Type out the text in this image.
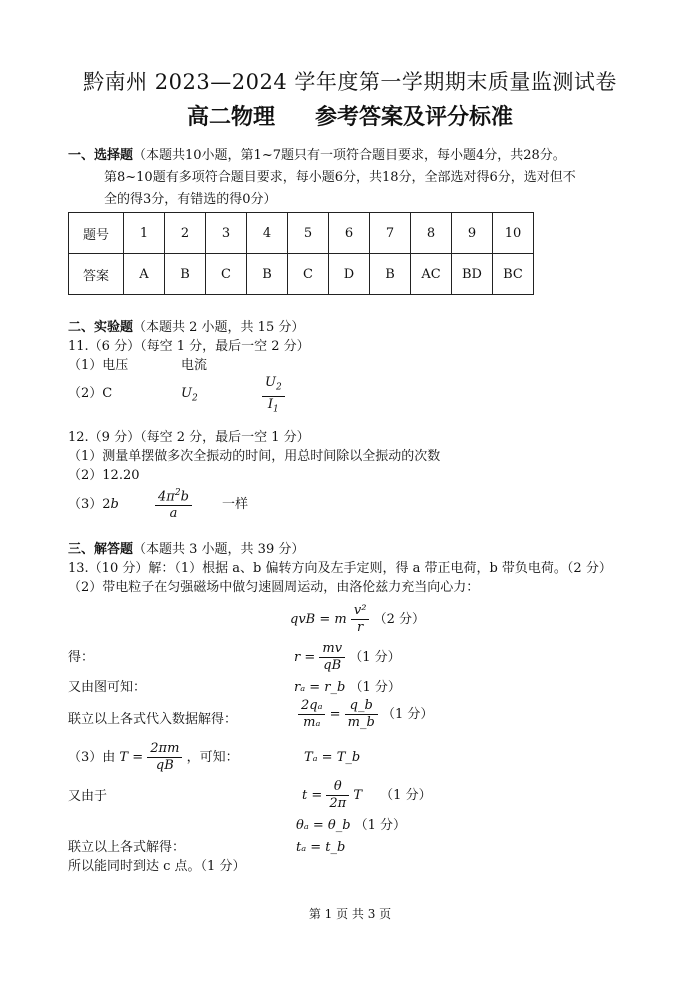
黔南州 2023—2024 学年度第一学期期末质量监测试卷
高二物理 参考答案及评分标准
一、选择题（本题共10小题，第1~7题只有一项符合题目要求，每小题4分，共28分。
第8~10题有多项符合题目要求，每小题6分，共18分，全部选对得6分，选对但不
全的得3分，有错选的得0分）
题号	1	2	3	4	5	6	7	8	9	10
答案	A	B	C	B	C	D	B	AC	BD	BC
二、实验题（本题共 2 小题，共 15 分）
11.（6 分）（每空 1 分，最后一空 2 分）
（1）电压	电流
（2）C	$U_2$	$\frac{U_2}{I_1}$
12.（9 分）（每空 2 分，最后一空 1 分）
（1）测量单摆做多次全振动的时间，用总时间除以全振动的次数
（2）12.20
（3）2b	$\frac{4\pi^2b}{a}$ 一样
三、解答题（本题共 3 小题，共 39 分）
13.（10 分）解：（1）根据 a、b 偏转方向及左手定则，得 a 带正电荷，b 带负电荷。（2 分）
（2）带电粒子在匀强磁场中做匀速圆周运动，由洛伦兹力充当向心力：
qvB = m $\frac{\text{v²}}{r} (2$ 分）
得：	$r = \frac{mv}{qB} (1$ 分）
又由图可知：	rₐ = r_b （1 分）
联立以上各式代入数据解得：	$\frac{\text{2qₐ}}{\text{mₐ}} = \frac{q\_b}{m\_b} (1$ 分）
（3）由 $T = \frac{2\pi m}{qB}$ ，可知：	Tₐ = T_b
又由于	$t = \frac{\theta}{2\pi}$ T （1 分）
θₐ = θ_b （1 分）
联立以上各式解得：	tₐ = t_b
所以能同时到达 c 点。（1 分）
第 1 页 共 3 页
